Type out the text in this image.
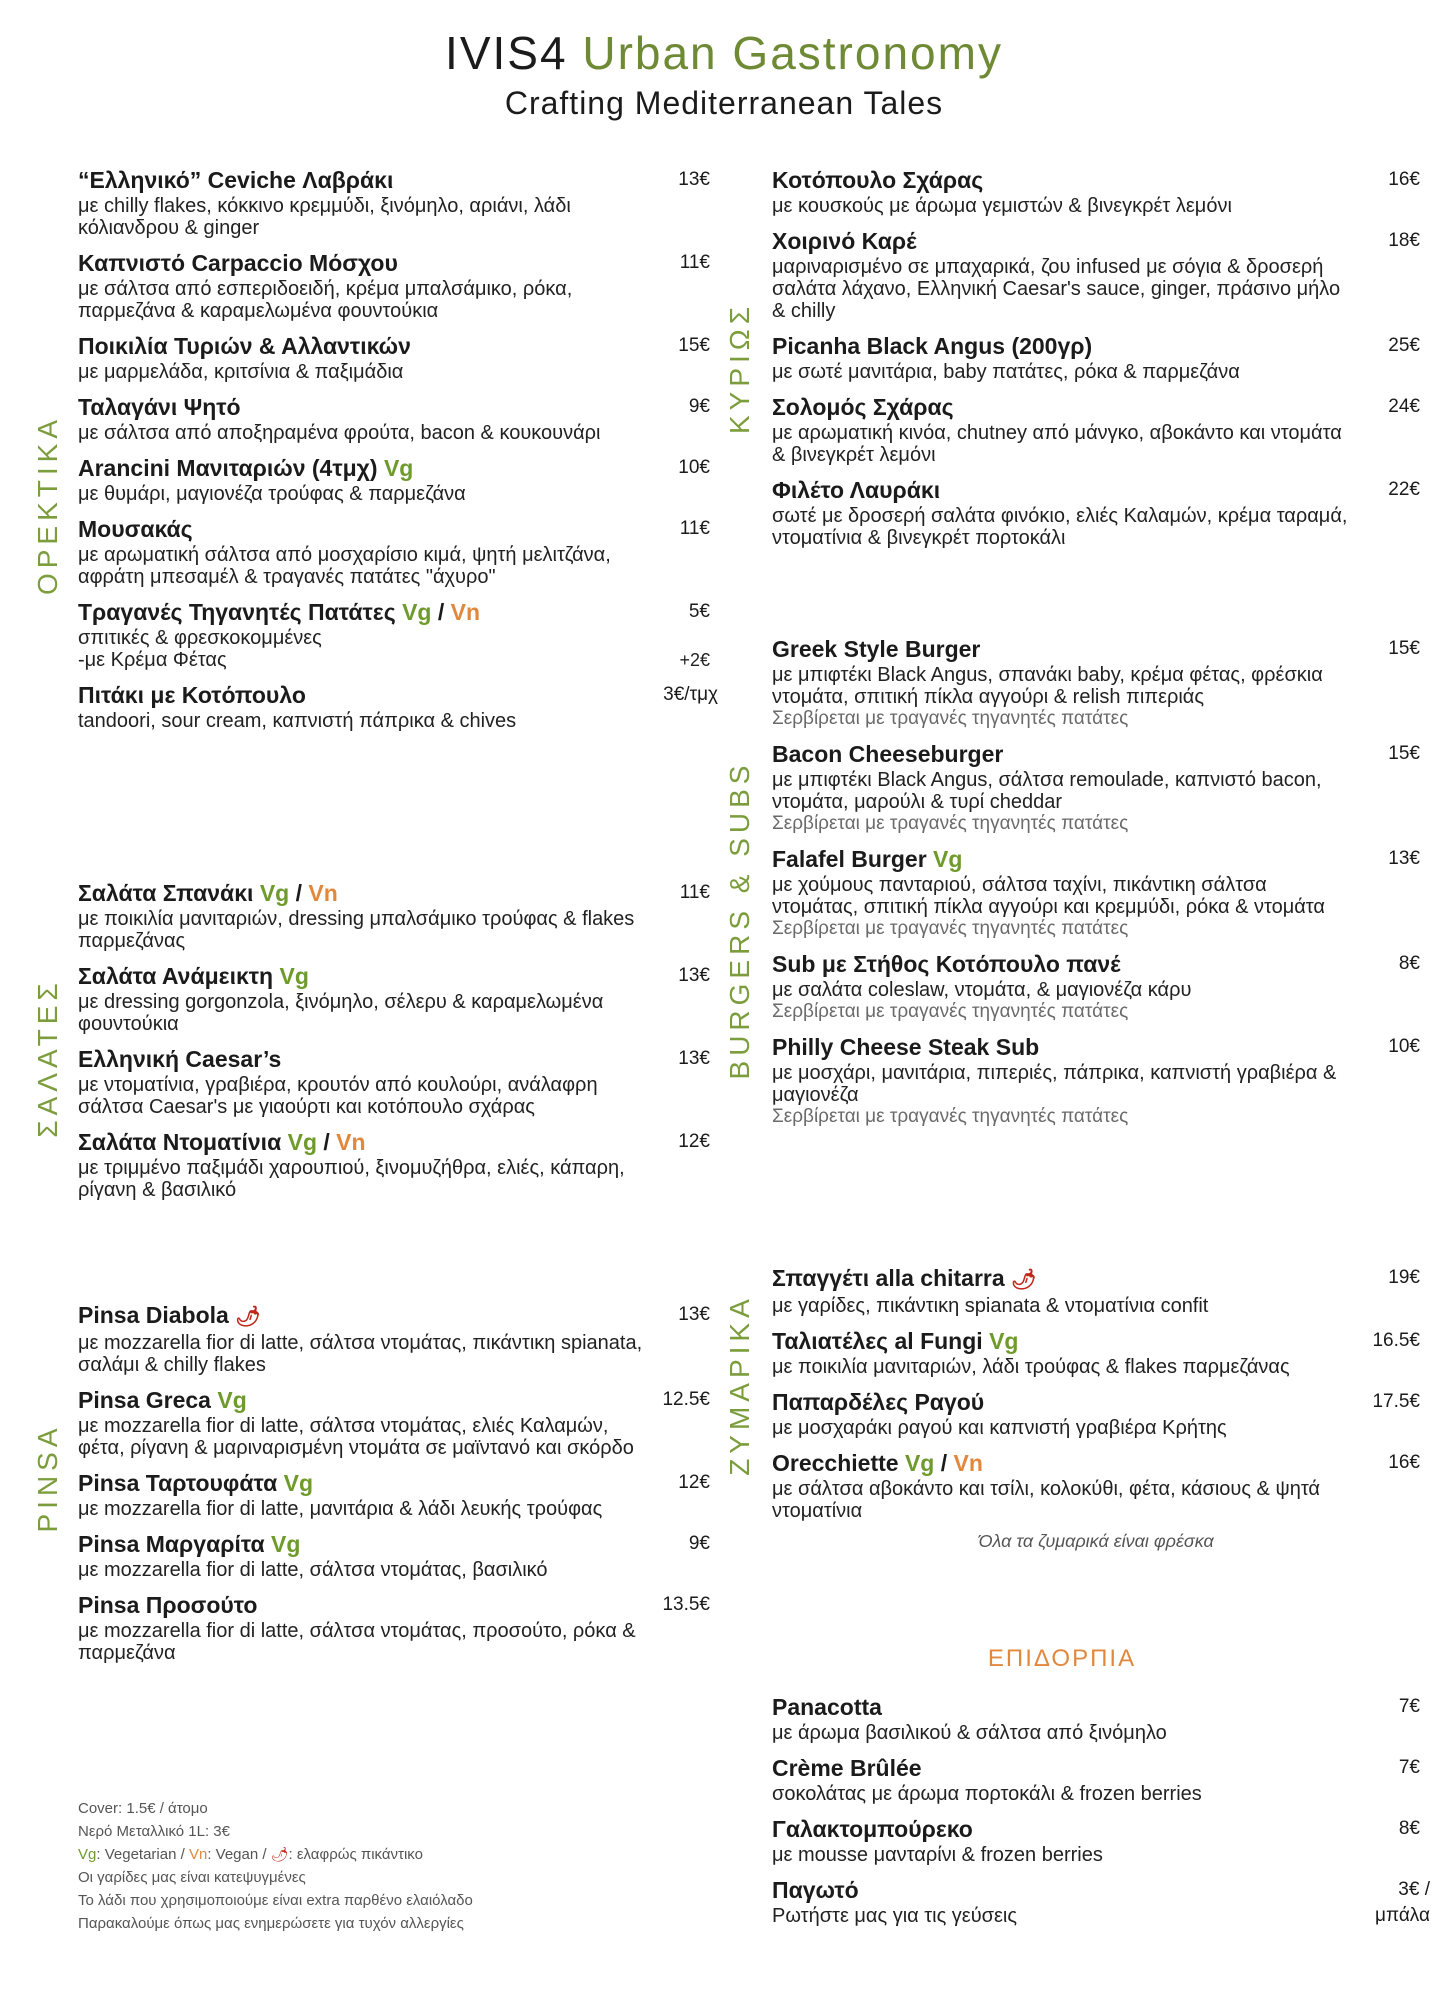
IVIS4 Urban Gastronomy
Crafting Mediterranean Tales
ΟΡΕΚΤΙΚΑ
ΣΑΛΑΤΕΣ
PINSA
ΚΥΡΙΩΣ
BURGERS & SUBS
ΖΥΜΑΡΙΚΑ
“Ελληνικό” Ceviche Λαβράκι	13€
με chilly flakes, κόκκινο κρεμμύδι, ξινόμηλο, αριάνι, λάδι κόλιανδρου & ginger
Καπνιστό Carpaccio Μόσχου	11€
με σάλτσα από εσπεριδοειδή, κρέμα μπαλσάμικο, ρόκα, παρμεζάνα & καραμελωμένα φουντούκια
Ποικιλία Τυριών & Αλλαντικών	15€
με μαρμελάδα, κριτσίνια & παξιμάδια
Ταλαγάνι Ψητό	9€
με σάλτσα από αποξηραμένα φρούτα, bacon & κουκουνάρι
Arancini Μανιταριών (4τμχ) Vg	10€
με θυμάρι, μαγιονέζα τρούφας & παρμεζάνα
Μουσακάς	11€
με αρωματική σάλτσα από μοσχαρίσιο κιμά, ψητή μελιτζάνα, αφράτη μπεσαμέλ & τραγανές πατάτες "άχυρο"
Τραγανές Τηγανητές Πατάτες Vg / Vn	5€
σπιτικές & φρεσκοκομμένες
-με Κρέμα Φέτας	+2€
Πιτάκι με Κοτόπουλο	3€/τμχ
tandoori, sour cream, καπνιστή πάπρικα & chives
Σαλάτα Σπανάκι Vg / Vn	11€
με ποικιλία μανιταριών, dressing μπαλσάμικο τρούφας & flakes παρμεζάνας
Σαλάτα Ανάμεικτη Vg	13€
με dressing gorgonzola, ξινόμηλο, σέλερυ & καραμελωμένα φουντούκια
Ελληνική Caesar’s	13€
με ντοματίνια, γραβιέρα, κρουτόν από κουλούρι, ανάλαφρη σάλτσα Caesar's με γιαούρτι και κοτόπουλο σχάρας
Σαλάτα Ντοματίνια Vg / Vn	12€
με τριμμένο παξιμάδι χαρουπιού, ξινομυζήθρα, ελιές, κάπαρη, ρίγανη & βασιλικό
Pinsa Diabola 🌶	13€
με mozzarella fior di latte, σάλτσα ντομάτας, πικάντικη spianata, σαλάμι & chilly flakes
Pinsa Greca Vg	12.5€
με mozzarella fior di latte, σάλτσα ντομάτας, ελιές Καλαμών, φέτα, ρίγανη & μαριναρισμένη ντομάτα σε μαϊντανό και σκόρδο
Pinsa Ταρτουφάτα Vg	12€
με mozzarella fior di latte, μανιτάρια & λάδι λευκής τρούφας
Pinsa Μαργαρίτα Vg	9€
με mozzarella fior di latte, σάλτσα ντομάτας, βασιλικό
Pinsa Προσούτο	13.5€
με mozzarella fior di latte, σάλτσα ντομάτας, προσούτο, ρόκα & παρμεζάνα
Cover: 1.5€ / άτομο
Νερό Μεταλλικό 1L: 3€
Vg: Vegetarian / Vn: Vegan / 🌶: ελαφρώς πικάντικο
Οι γαρίδες μας είναι κατεψυγμένες
Το λάδι που χρησιμοποιούμε είναι extra παρθένο ελαιόλαδο
Παρακαλούμε όπως μας ενημερώσετε για τυχόν αλλεργίες
Κοτόπουλο Σχάρας	16€
με κουσκούς με άρωμα γεμιστών & βινεγκρέτ λεμόνι
Χοιρινό Καρέ	18€
μαριναρισμένο σε μπαχαρικά, ζου infused με σόγια & δροσερή σαλάτα λάχανο, Ελληνική Caesar's sauce, ginger, πράσινο μήλο & chilly
Picanha Black Angus (200γρ)	25€
με σωτέ μανιτάρια, baby πατάτες, ρόκα & παρμεζάνα
Σολομός Σχάρας	24€
με αρωματική κινόα, chutney από μάνγκο, αβοκάντο και ντομάτα & βινεγκρέτ λεμόνι
Φιλέτο Λαυράκι	22€
σωτέ με δροσερή σαλάτα φινόκιο, ελιές Καλαμών, κρέμα ταραμά, ντοματίνια & βινεγκρέτ πορτοκάλι
Greek Style Burger	15€
με μπιφτέκι Black Angus, σπανάκι baby, κρέμα φέτας, φρέσκια ντομάτα, σπιτική πίκλα αγγούρι & relish πιπεριάς
Σερβίρεται με τραγανές τηγανητές πατάτες
Bacon Cheeseburger	15€
με μπιφτέκι Black Angus, σάλτσα remoulade, καπνιστό bacon, ντομάτα, μαρούλι & τυρί cheddar
Σερβίρεται με τραγανές τηγανητές πατάτες
Falafel Burger Vg	13€
με χούμους πανταριού, σάλτσα ταχίνι, πικάντικη σάλτσα ντομάτας, σπιτική πίκλα αγγούρι και κρεμμύδι, ρόκα & ντομάτα
Σερβίρεται με τραγανές τηγανητές πατάτες
Sub με Στήθος Κοτόπουλο πανέ	8€
με σαλάτα coleslaw, ντομάτα, & μαγιονέζα κάρυ
Σερβίρεται με τραγανές τηγανητές πατάτες
Philly Cheese Steak Sub	10€
με μοσχάρι, μανιτάρια, πιπεριές, πάπρικα, καπνιστή γραβιέρα & μαγιονέζα
Σερβίρεται με τραγανές τηγανητές πατάτες
Σπαγγέτι alla chitarra 🌶	19€
με γαρίδες, πικάντικη spianata & ντοματίνια confit
Ταλιατέλες al Fungi Vg	16.5€
με ποικιλία μανιταριών, λάδι τρούφας & flakes παρμεζάνας
Παπαρδέλες Ραγού	17.5€
με μοσχαράκι ραγού και καπνιστή γραβιέρα Κρήτης
Orecchiette Vg / Vn	16€
με σάλτσα αβοκάντο και τσίλι, κολοκύθι, φέτα, κάσιους & ψητά ντοματίνια
Όλα τα ζυμαρικά είναι φρέσκα
ΕΠΙΔΟΡΠΙΑ
Panacotta	7€
με άρωμα βασιλικού & σάλτσα από ξινόμηλο
Crème Brûlée	7€
σοκολάτας με άρωμα πορτοκάλι & frozen berries
Γαλακτομπούρεκο	8€
με mousse μανταρίνι & frozen berries
Παγωτό	3€ / μπάλα
Ρωτήστε μας για τις γεύσεις
